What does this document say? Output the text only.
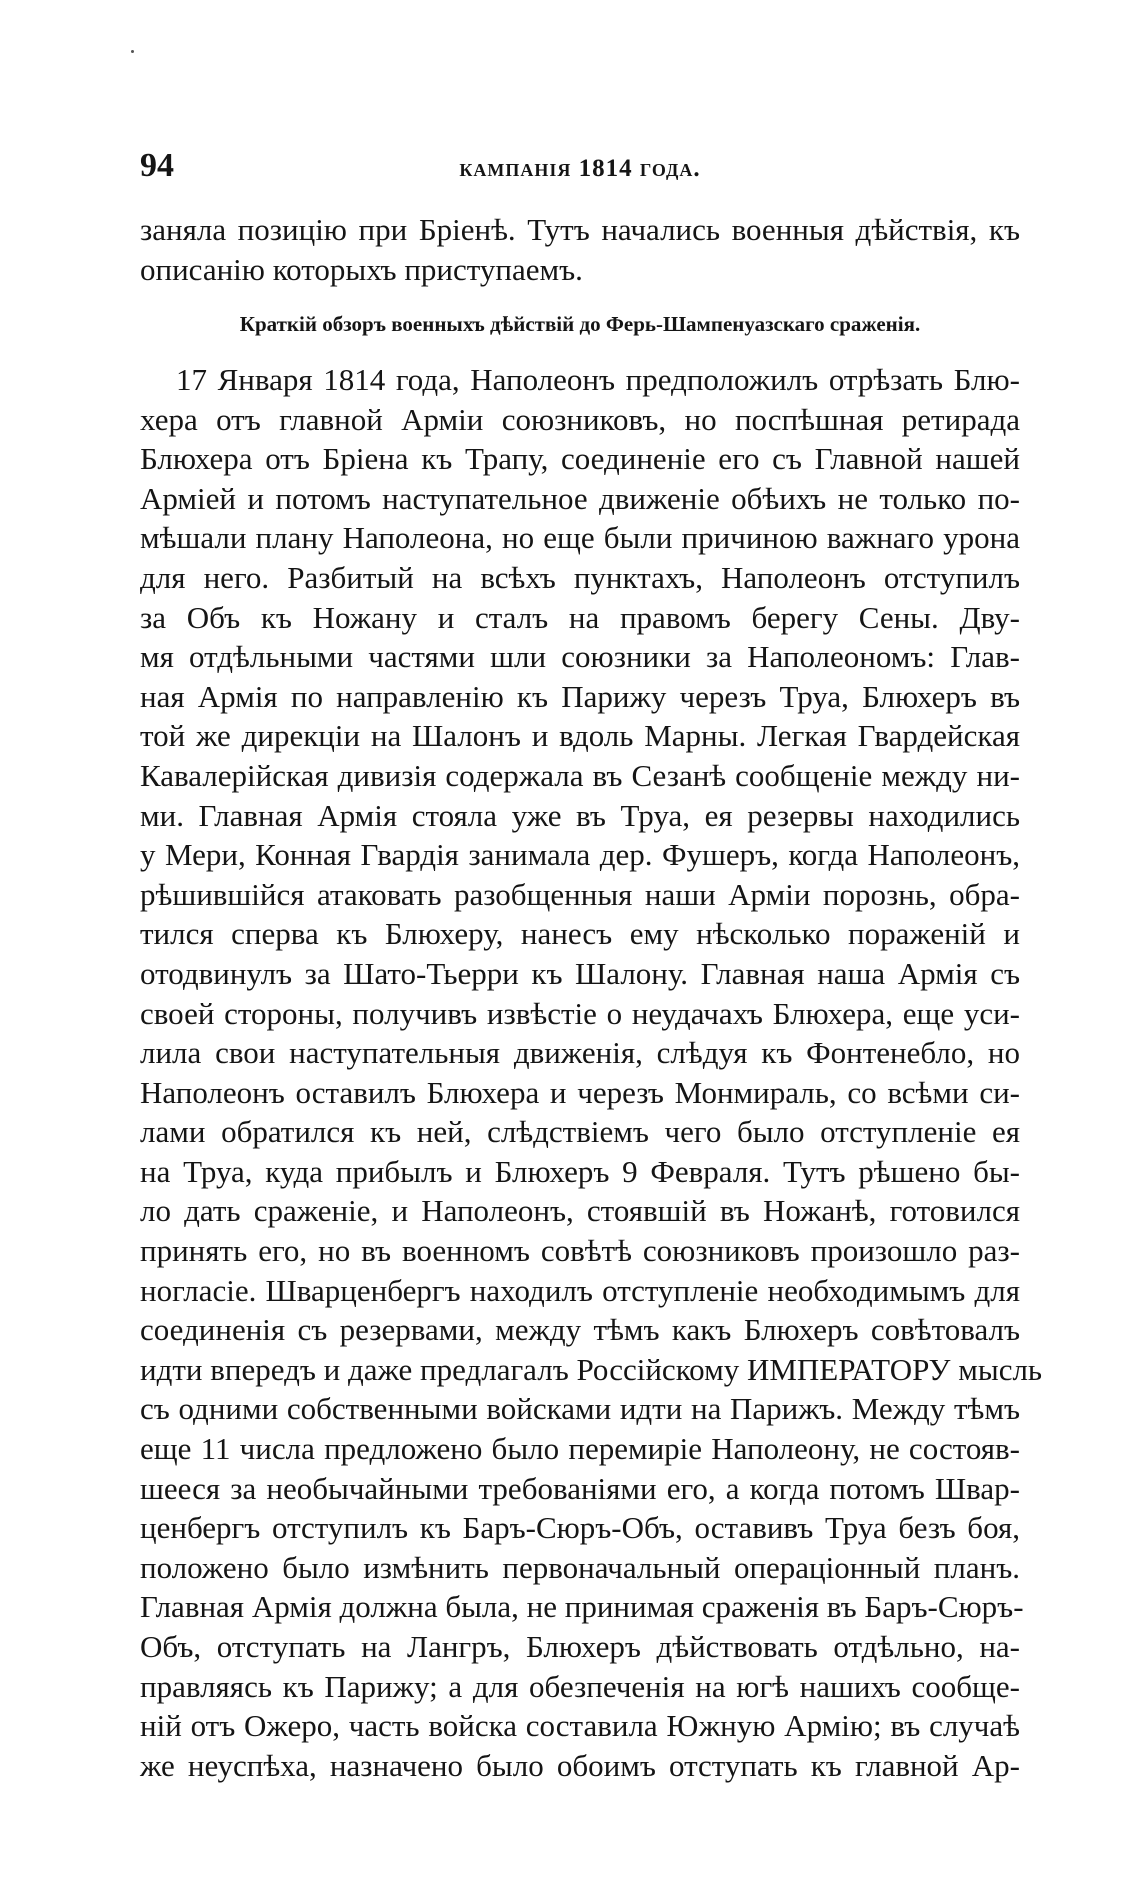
94	кампанія 1814 года.
заняла позицію при Бріенѣ. Тутъ начались военныя дѣйствія, къ
описанію которыхъ приступаемъ.
Краткій обзоръ военныхъ дѣйствій до Ферь-Шампенуазскаго сраженія.
17 Января 1814 года, Наполеонъ предположилъ отрѣзать Блю-
хера отъ главной Арміи союзниковъ, но поспѣшная ретирада
Блюхера отъ Бріена къ Трапу, соединеніе его съ Главной нашей
Арміей и потомъ наступательное движеніе обѣихъ не только по-
мѣшали плану Наполеона, но еще были причиною важнаго урона
для него. Разбитый на всѣхъ пунктахъ, Наполеонъ отступилъ
за Объ къ Ножану и сталъ на правомъ берегу Сены. Дву-
мя отдѣльными частями шли союзники за Наполеономъ: Глав-
ная Армія по направленію къ Парижу черезъ Труа, Блюхеръ въ
той же дирекціи на Шалонъ и вдоль Марны. Легкая Гвардейская
Кавалерійская дивизія содержала въ Сезанѣ сообщеніе между ни-
ми. Главная Армія стояла уже въ Труа, ея резервы находились
у Мери, Конная Гвардія занимала дер. Фушеръ, когда Наполеонъ,
рѣшившійся атаковать разобщенныя наши Арміи порознь, обра-
тился сперва къ Блюхеру, нанесъ ему нѣсколько пораженій и
отодвинулъ за Шато-Тьерри къ Шалону. Главная наша Армія съ
своей стороны, получивъ извѣстіе о неудачахъ Блюхера, еще уси-
лила свои наступательныя движенія, слѣдуя къ Фонтенебло, но
Наполеонъ оставилъ Блюхера и черезъ Монмираль, со всѣми си-
лами обратился къ ней, слѣдствіемъ чего было отступленіе ея
на Труа, куда прибылъ и Блюхеръ 9 Февраля. Тутъ рѣшено бы-
ло дать сраженіе, и Наполеонъ, стоявшій въ Ножанѣ, готовился
принять его, но въ военномъ совѣтѣ союзниковъ произошло раз-
ногласіе. Шварценбергъ находилъ отступленіе необходимымъ для
соединенія съ резервами, между тѣмъ какъ Блюхеръ совѣтовалъ
идти впередъ и даже предлагалъ Россійскому ИМПЕРАТОРУ мысль
съ одними собственными войсками идти на Парижъ. Между тѣмъ
еще 11 числа предложено было перемиріе Наполеону, не состояв-
шееся за необычайными требованіями его, а когда потомъ Швар-
ценбергъ отступилъ къ Баръ-Сюръ-Объ, оставивъ Труа безъ боя,
положено было измѣнить первоначальный операціонный планъ.
Главная Армія должна была, не принимая сраженія въ Баръ-Сюръ-
Объ, отступать на Лангръ, Блюхеръ дѣйствовать отдѣльно, на-
правляясь къ Парижу; а для обезпеченія на югѣ нашихъ сообще-
ній отъ Ожеро, часть войска составила Южную Армію; въ случаѣ
же неуспѣха, назначено было обоимъ отступать къ главной Ар-
